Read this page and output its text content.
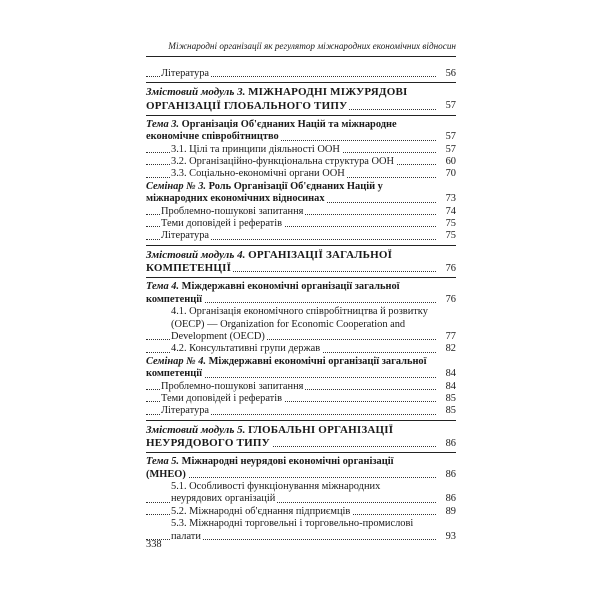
Міжнародні організації як регулятор міжнародних економічних відносин
Література	56
Змістовий модуль 3. МІЖНАРОДНІ МІЖУРЯДОВІ ОРГАНІЗАЦІЇ ГЛОБАЛЬНОГО ТИПУ	57
Тема 3. Організація Об'єднаних Націй та міжнародне економічне співробітництво	57
3.1. Цілі та принципи діяльності ООН	57
3.2. Організаційно-функціональна структура ООН	60
3.3. Соціально-економічні органи ООН	70
Семінар № 3. Роль Організації Об'єднаних Націй у міжнародних економічних відносинах	73
Проблемно-пошукові запитання	74
Теми доповідей і рефератів	75
Література	75
Змістовий модуль 4. ОРГАНІЗАЦІЇ ЗАГАЛЬНОЇ КОМПЕТЕНЦІЇ	76
Тема 4. Міждержавні економічні організації загальної компетенції	76
4.1. Організація економічного співробітництва й розвитку (OECP) — Organization for Economic Cooperation and Development (OECD)	77
4.2. Консультативні групи держав	82
Семінар № 4. Міждержавні економічні організації загальної компетенції	84
Проблемно-пошукові запитання	84
Теми доповідей і рефератів	85
Література	85
Змістовий модуль 5. ГЛОБАЛЬНІ ОРГАНІЗАЦІЇ НЕУРЯДОВОГО ТИПУ	86
Тема 5. Міжнародні неурядові економічні організації (МНЕО)	86
5.1. Особливості функціонування міжнародних неурядових організацій	86
5.2. Міжнародні об'єднання підприємців	89
5.3. Міжнародні торговельні і торговельно-промислові палати	93
338
